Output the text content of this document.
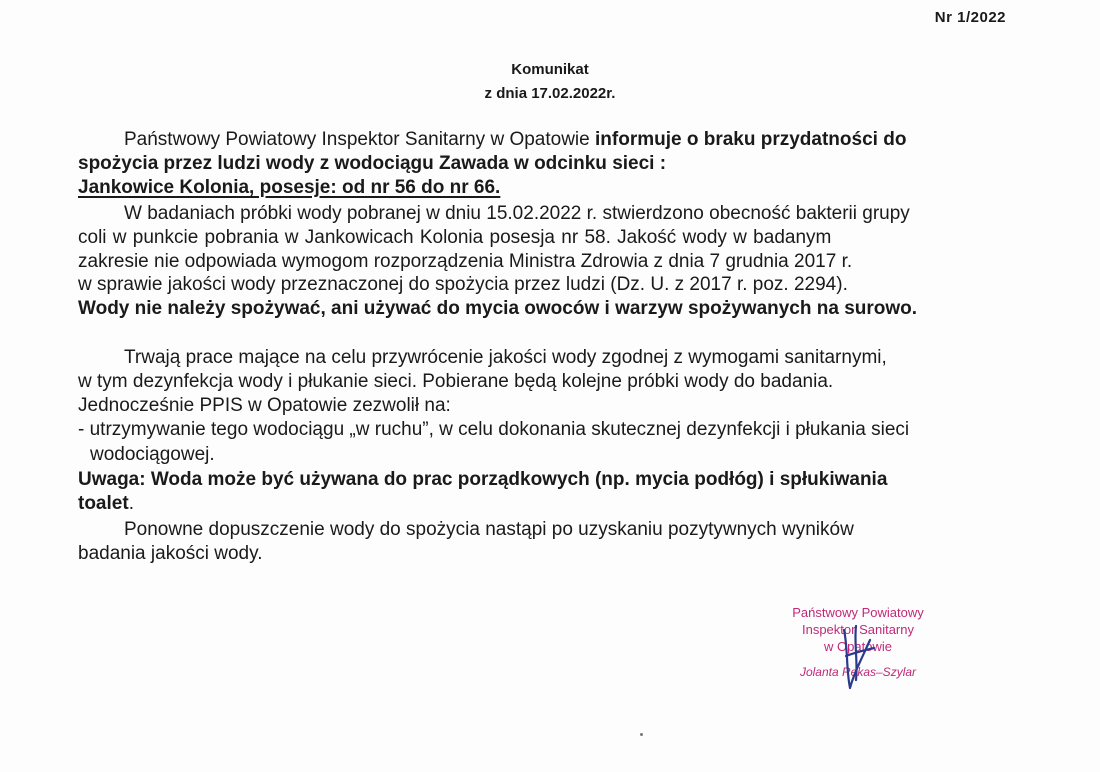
Nr 1/2022
Komunikat
z dnia 17.02.2022r.
Państwowy Powiatowy Inspektor Sanitarny w Opatowie informuje o braku przydatności do
spożycia przez ludzi wody z wodociągu Zawada w odcinku sieci :
Jankowice Kolonia, posesje: od nr 56 do nr 66.
W badaniach próbki wody pobranej w dniu 15.02.2022 r. stwierdzono obecność bakterii grupy
coli w punkcie pobrania w Jankowicach Kolonia posesja nr 58. Jakość wody w badanym
zakresie nie odpowiada wymogom rozporządzenia Ministra Zdrowia z dnia 7 grudnia 2017 r.
w sprawie jakości wody przeznaczonej do spożycia przez ludzi (Dz. U. z 2017 r. poz. 2294).
Wody nie należy spożywać, ani używać do mycia owoców i warzyw spożywanych na surowo.
Trwają prace mające na celu przywrócenie jakości wody zgodnej z wymogami sanitarnymi,
w tym dezynfekcja wody i płukanie sieci. Pobierane będą kolejne próbki wody do badania.
Jednocześnie PPIS w Opatowie zezwolił na:
- utrzymywanie tego wodociągu „w ruchu”, w celu dokonania skutecznej dezynfekcji i płukania sieci
wodociągowej.
Uwaga: Woda może być używana do prac porządkowych (np. mycia podłóg) i spłukiwania
toalet.
Ponowne dopuszczenie wody do spożycia nastąpi po uzyskaniu pozytywnych wyników
badania jakości wody.
Państwowy Powiatowy
Inspektor Sanitarny
w Opatowie
Jolanta Rękas–Szylar
